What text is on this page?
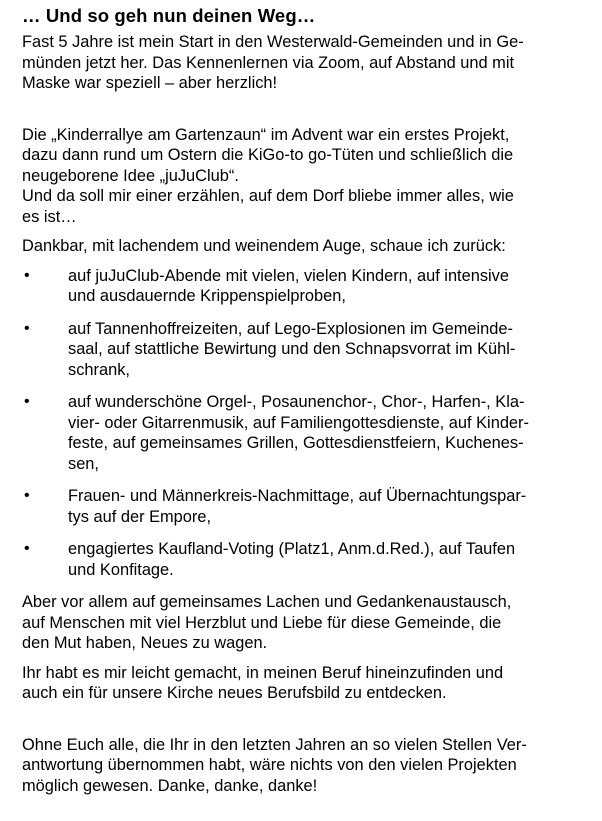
… Und so geh nun deinen Weg…

Fast 5 Jahre ist mein Start in den Westerwald-Gemeinden und in Ge-
münden jetzt her. Das Kennenlernen via Zoom, auf Abstand und mit
Maske war speziell – aber herzlich!

Die „Kinderrallye am Gartenzaun“ im Advent war ein erstes Projekt,
dazu dann rund um Ostern die KiGo-to go-Tüten und schließlich die
neugeborene Idee „juJuClub“.
Und da soll mir einer erzählen, auf dem Dorf bliebe immer alles, wie
es ist…

Dankbar, mit lachendem und weinendem Auge, schaue ich zurück:

•	auf juJuClub-Abende mit vielen, vielen Kindern, auf intensive
und ausdauernde Krippenspielproben,
•	auf Tannenhoffreizeiten, auf Lego-Explosionen im Gemeinde-
saal, auf stattliche Bewirtung und den Schnapsvorrat im Kühl-
schrank,
•	auf wunderschöne Orgel-, Posaunenchor-, Chor-, Harfen-, Kla-
vier- oder Gitarrenmusik, auf Familiengottesdienste, auf Kinder-
feste, auf gemeinsames Grillen, Gottesdienstfeiern, Kuchenes-
sen,
•	Frauen- und Männerkreis-Nachmittage, auf Übernachtungspar-
tys auf der Empore,
•	engagiertes Kaufland-Voting (Platz1, Anm.d.Red.), auf Taufen
und Konfitage.

Aber vor allem auf gemeinsames Lachen und Gedankenaustausch,
auf Menschen mit viel Herzblut und Liebe für diese Gemeinde, die
den Mut haben, Neues zu wagen.

Ihr habt es mir leicht gemacht, in meinen Beruf hineinzufinden und
auch ein für unsere Kirche neues Berufsbild zu entdecken.

Ohne Euch alle, die Ihr in den letzten Jahren an so vielen Stellen Ver-
antwortung übernommen habt, wäre nichts von den vielen Projekten
möglich gewesen. Danke, danke, danke!
